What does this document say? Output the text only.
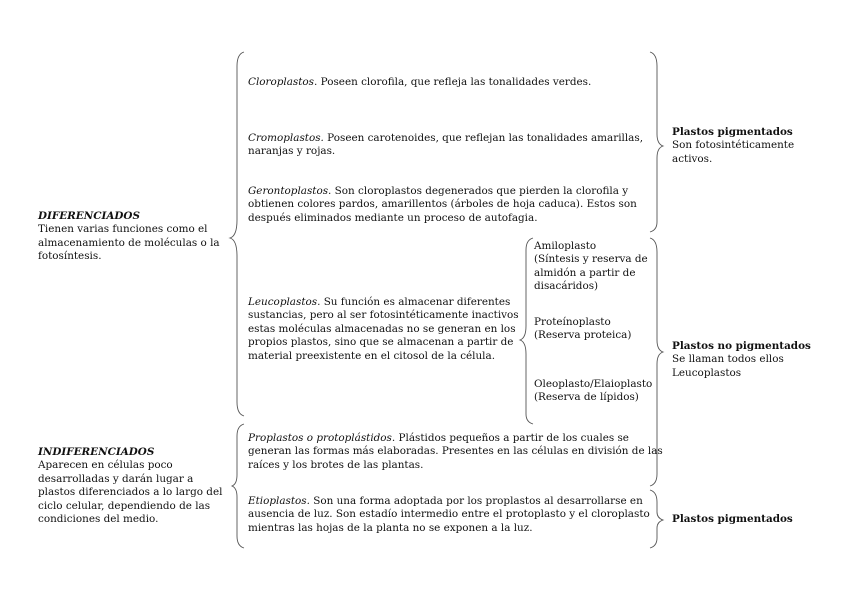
DIFERENCIADOS

Tienen varias funciones como el

almacenamiento de moléculas o la

fotosíntesis.

INDIFERENCIADOS

Aparecen en células poco

desarrolladas y darán lugar a

plastos diferenciados a lo largo del

ciclo celular, dependiendo de las

condiciones del medio.

Cloroplastos. Poseen clorofila, que refleja las tonalidades verdes.

Cromoplastos. Poseen carotenoides, que reflejan las tonalidades amarillas,

naranjas y rojas.

Gerontoplastos. Son cloroplastos degenerados que pierden la clorofila y

obtienen colores pardos, amarillentos (árboles de hoja caduca). Estos son

después eliminados mediante un proceso de autofagia.

Leucoplastos. Su función es almacenar diferentes

sustancias, pero al ser fotosintéticamente inactivos

estas moléculas almacenadas no se generan en los

propios plastos, sino que se almacenan a partir de

material preexistente en el citosol de la célula.

Proplastos o protoplástidos. Plástidos pequeños a partir de los cuales se

generan las formas más elaboradas. Presentes en las células en división de las

raíces y los brotes de las plantas.

Etioplastos. Son una forma adoptada por los proplastos al desarrollarse en

ausencia de luz. Son estadío intermedio entre el protoplasto y el cloroplasto

mientras las hojas de la planta no se exponen a la luz.

Amiloplasto

(Síntesis y reserva de

almidón a partir de

disacáridos)

Proteínoplasto

(Reserva proteica)

Oleoplasto/Elaioplasto

(Reserva de lípidos)

Plastos pigmentados

Son fotosintéticamente

activos.

Plastos no pigmentados

Se llaman todos ellos

Leucoplastos

Plastos pigmentados
